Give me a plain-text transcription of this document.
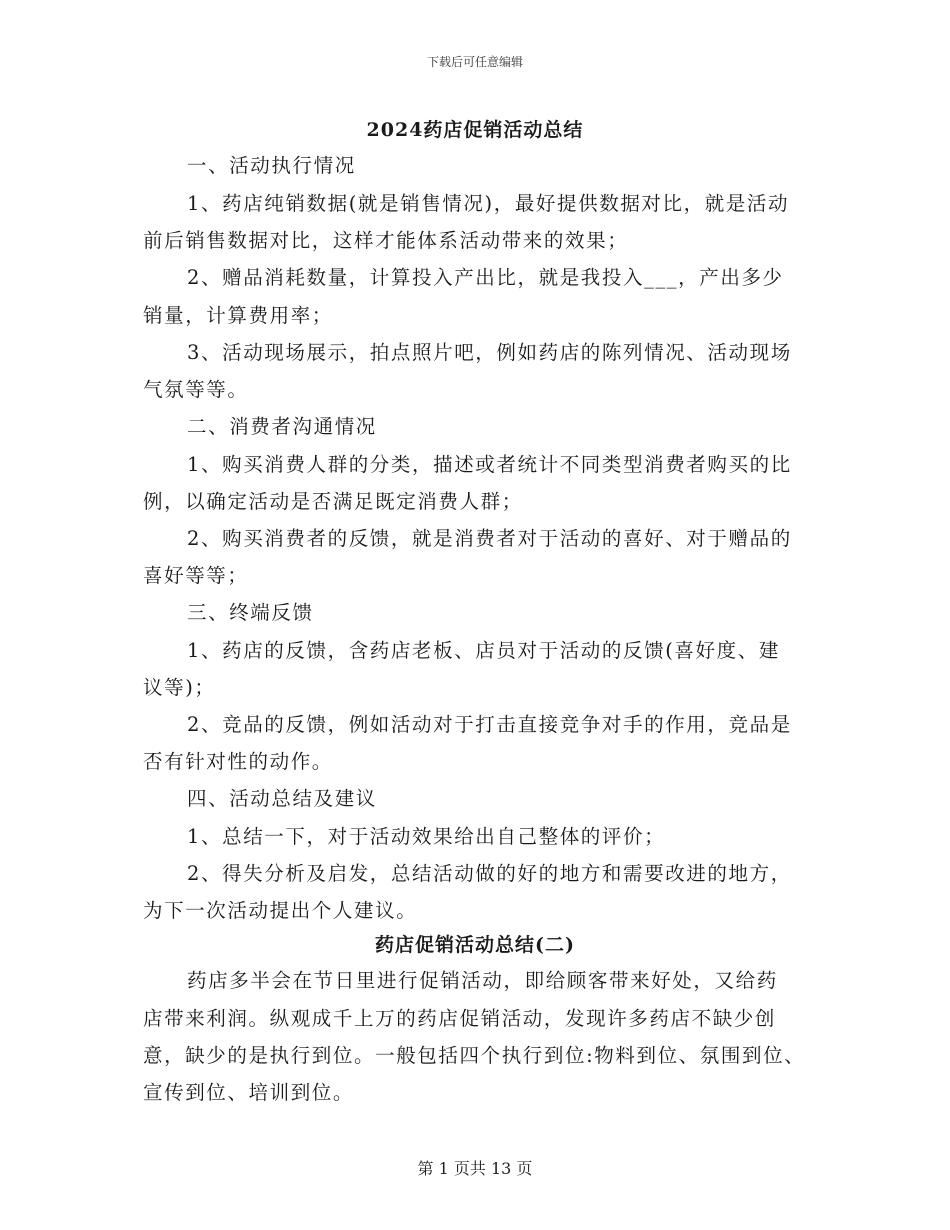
下载后可任意编辑
2024药店促销活动总结
一、活动执行情况
1、药店纯销数据(就是销售情况)，最好提供数据对比，就是活动
前后销售数据对比，这样才能体系活动带来的效果；
2、赠品消耗数量，计算投入产出比，就是我投入___，产出多少
销量，计算费用率；
3、活动现场展示，拍点照片吧，例如药店的陈列情况、活动现场
气氛等等。
二、消费者沟通情况
1、购买消费人群的分类，描述或者统计不同类型消费者购买的比
例，以确定活动是否满足既定消费人群；
2、购买消费者的反馈，就是消费者对于活动的喜好、对于赠品的
喜好等等；
三、终端反馈
1、药店的反馈，含药店老板、店员对于活动的反馈(喜好度、建
议等)；
2、竞品的反馈，例如活动对于打击直接竞争对手的作用，竞品是
否有针对性的动作。
四、活动总结及建议
1、总结一下，对于活动效果给出自己整体的评价；
2、得失分析及启发，总结活动做的好的地方和需要改进的地方，
为下一次活动提出个人建议。
药店促销活动总结(二)
药店多半会在节日里进行促销活动，即给顾客带来好处，又给药
店带来利润。纵观成千上万的药店促销活动，发现许多药店不缺少创
意，缺少的是执行到位。一般包括四个执行到位:物料到位、氛围到位、
宣传到位、培训到位。
第 1 页共 13 页
